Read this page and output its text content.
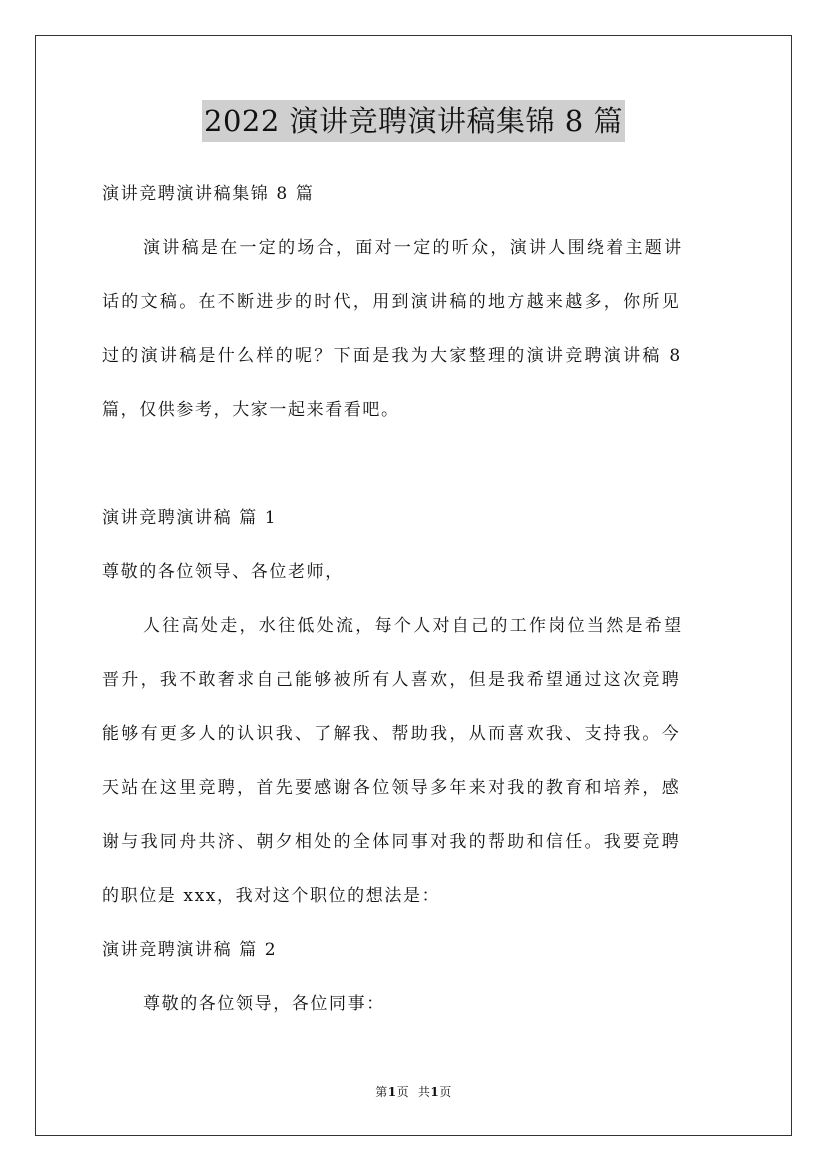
2022 演讲竞聘演讲稿集锦 8 篇
演讲竞聘演讲稿集锦 8 篇
演讲稿是在一定的场合，面对一定的听众，演讲人围绕着主题讲
话的文稿。在不断进步的时代，用到演讲稿的地方越来越多，你所见
过的演讲稿是什么样的呢？下面是我为大家整理的演讲竞聘演讲稿 8
篇，仅供参考，大家一起来看看吧。
演讲竞聘演讲稿 篇 1
尊敬的各位领导、各位老师，
人往高处走，水往低处流，每个人对自己的工作岗位当然是希望
晋升，我不敢奢求自己能够被所有人喜欢，但是我希望通过这次竞聘
能够有更多人的认识我、了解我、帮助我，从而喜欢我、支持我。今
天站在这里竞聘，首先要感谢各位领导多年来对我的教育和培养，感
谢与我同舟共济、朝夕相处的全体同事对我的帮助和信任。我要竞聘
的职位是 xxx，我对这个职位的想法是：
演讲竞聘演讲稿 篇 2
尊敬的各位领导，各位同事：
第1页 共1页
